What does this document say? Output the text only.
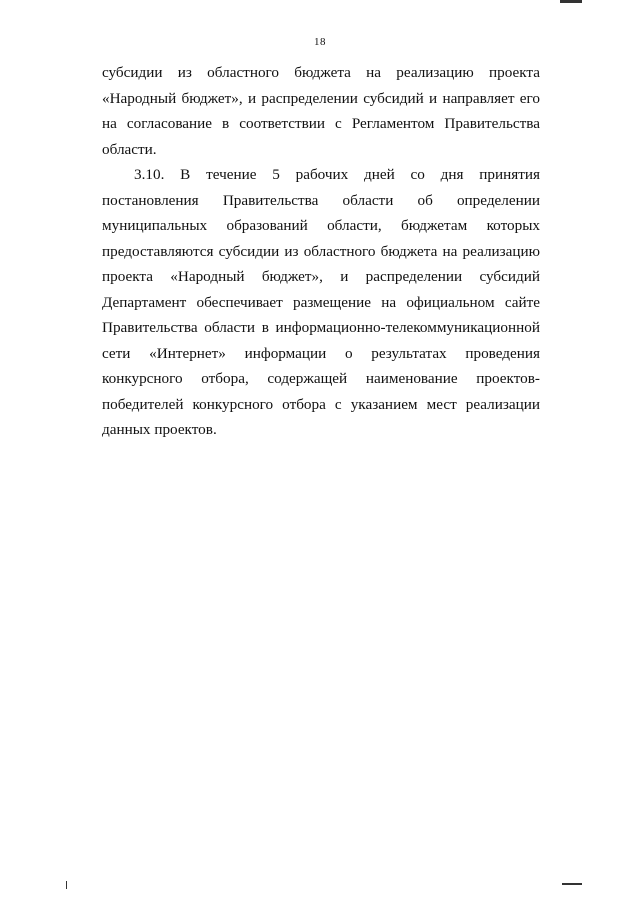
18

субсидии из областного бюджета на реализацию проекта «Народный бюджет», и распределении субсидий и направляет его на согласование в соответствии с Регламентом Правительства области.

3.10. В течение 5 рабочих дней со дня принятия постановления Правительства области об определении муниципальных образований области, бюджетам которых предоставляются субсидии из областного бюджета на реализацию проекта «Народный бюджет», и распределении субсидий Департамент обеспечивает размещение на официальном сайте Правительства области в информационно-телекоммуникационной сети «Интернет» информации о результатах проведения конкурсного отбора, содержащей наименование проектов-победителей конкурсного отбора с указанием мест реализации данных проектов.
